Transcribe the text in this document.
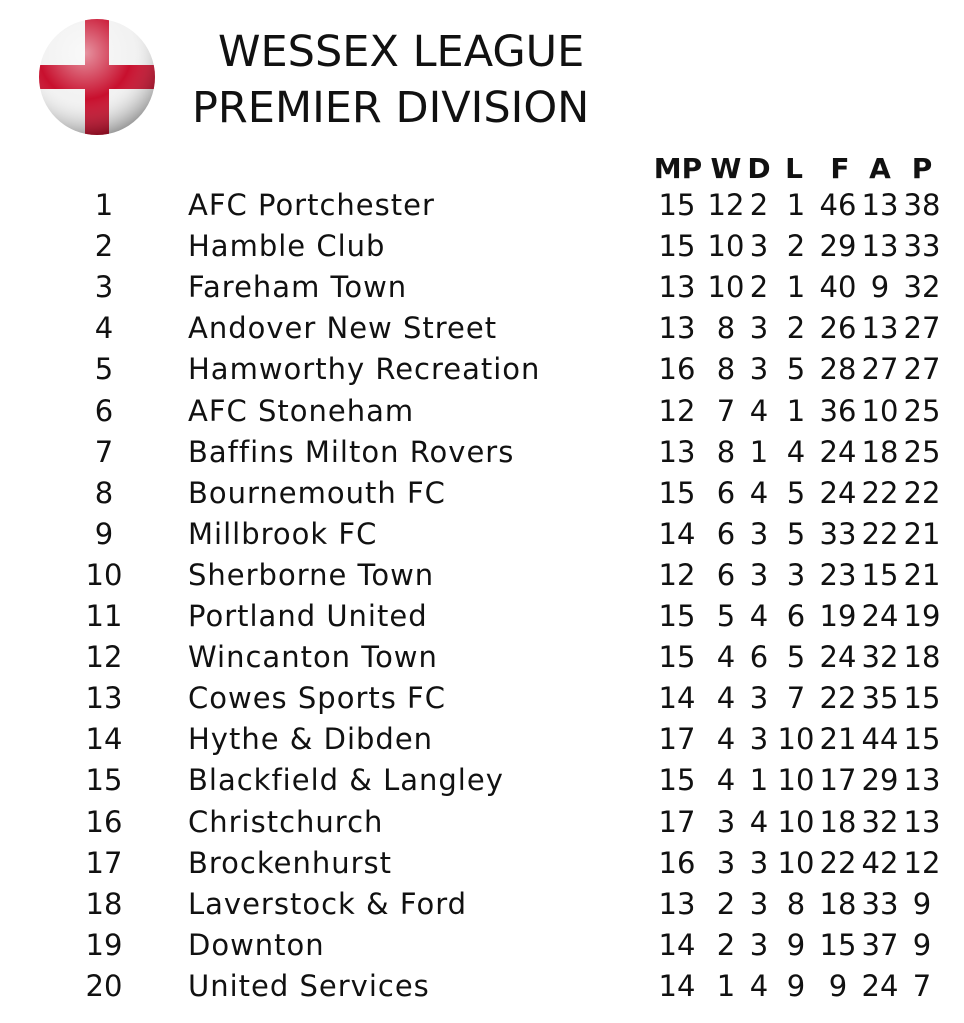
WESSEX LEAGUE
PREMIER DIVISION
MP W D L F A P
1	AFC Portchester	15 12 2 1 46 13 38
2	Hamble Club	15 10 3 2 29 13 33
3	Fareham Town	13 10 2 1 40 9 32
4	Andover New Street	13 8 3 2 26 13 27
5	Hamworthy Recreation	16 8 3 5 28 27 27
6	AFC Stoneham	12 7 4 1 36 10 25
7	Baffins Milton Rovers	13 8 1 4 24 18 25
8	Bournemouth FC	15 6 4 5 24 22 22
9	Millbrook FC	14 6 3 5 33 22 21
10	Sherborne Town	12 6 3 3 23 15 21
11	Portland United	15 5 4 6 19 24 19
12	Wincanton Town	15 4 6 5 24 32 18
13	Cowes Sports FC	14 4 3 7 22 35 15
14	Hythe & Dibden	17 4 3 10 21 44 15
15	Blackfield & Langley	15 4 1 10 17 29 13
16	Christchurch	17 3 4 10 18 32 13
17	Brockenhurst	16 3 3 10 22 42 12
18	Laverstock & Ford	13 2 3 8 18 33 9
19	Downton	14 2 3 9 15 37 9
20	United Services	14 1 4 9 9 24 7
